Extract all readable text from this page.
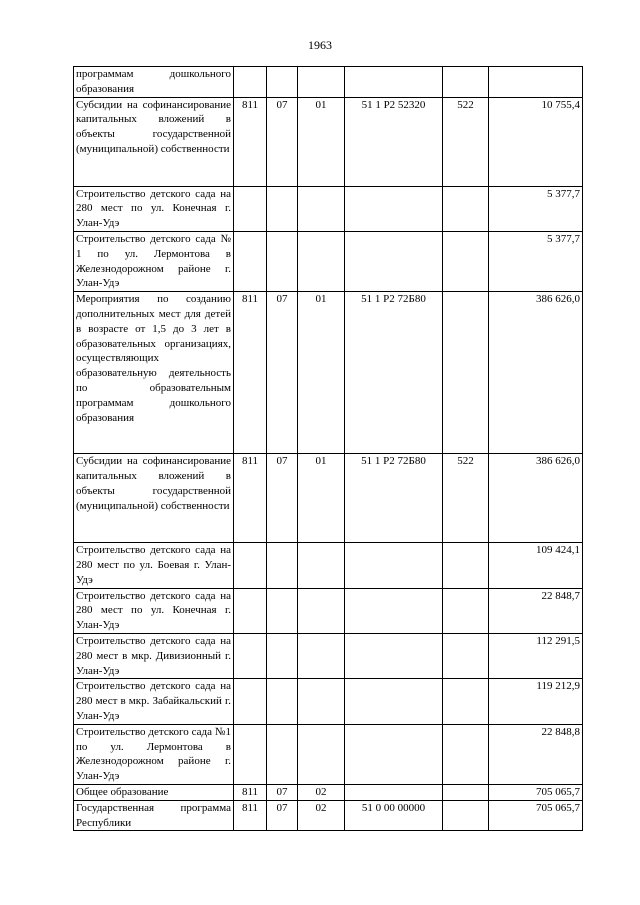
1963
программам дошкольного образования						
Субсидии на софинансирование капитальных вложений в объекты государственной (муниципальной) собственности	811	07	01	51 1 P2 52320	522	10 755,4
Строительство детского сада на 280 мест по ул. Конечная г. Улан-Удэ						5 377,7
Строительство детского сада № 1 по ул. Лермонтова в Железнодорожном районе г. Улан-Удэ						5 377,7
Мероприятия по созданию дополнительных мест для детей в возрасте от 1,5 до 3 лет в образовательных организациях, осуществляющих образовательную деятельность по образовательным программам дошкольного образования	811	07	01	51 1 P2 72Б80		386 626,0
Субсидии на софинансирование капитальных вложений в объекты государственной (муниципальной) собственности	811	07	01	51 1 P2 72Б80	522	386 626,0
Строительство детского сада на 280 мест по ул. Боевая г. Улан-Удэ						109 424,1
Строительство детского сада на 280 мест по ул. Конечная г. Улан-Удэ						22 848,7
Строительство детского сада на 280 мест в мкр. Дивизионный г. Улан-Удэ						112 291,5
Строительство детского сада на 280 мест в мкр. Забайкальский г. Улан-Удэ						119 212,9
Строительство детского сада №1 по ул. Лермонтова в Железнодорожном районе г. Улан-Удэ						22 848,8
Общее образование	811	07	02			705 065,7
Государственная программа Республики	811	07	02	51 0 00 00000		705 065,7
